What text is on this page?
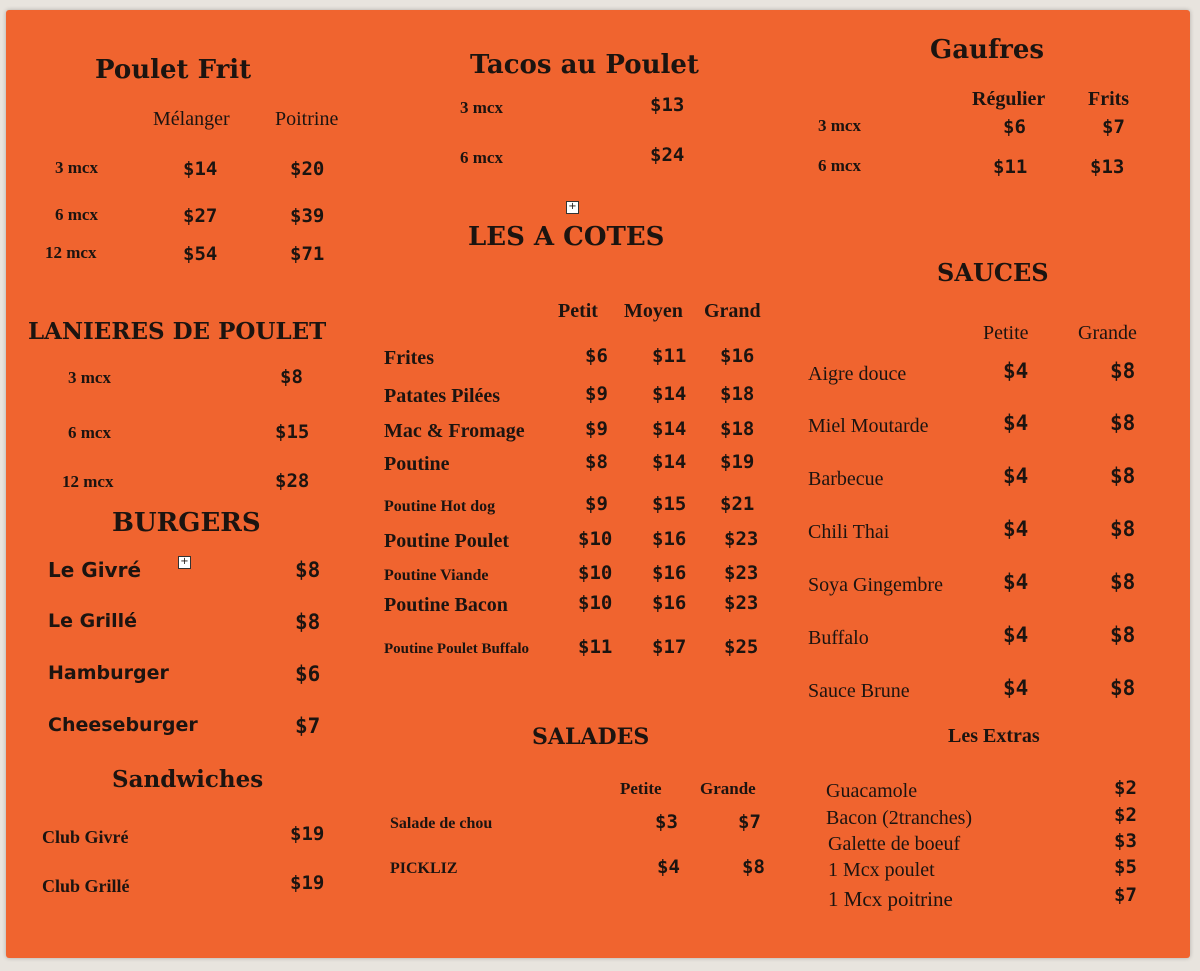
Poulet Frit
Mélanger Poitrine
3 mcx	$14	$20
6 mcx	$27	$39
12 mcx	$54	$71
Tacos au Poulet
3 mcx	$13
6 mcx	$24
Gaufres
Régulier Frits
3 mcx	$6	$7
6 mcx	$11	$13
+
LES A COTES
Petit Moyen Grand
Frites	$6 $11 $16
Patates Pilées	$9 $14 $18
Mac & Fromage	$9 $14 $18
Poutine	$8 $14 $19
Poutine Hot dog	$9 $15 $21
Poutine Poulet	$10 $16 $23
Poutine Viande	$10 $16 $23
Poutine Bacon	$10 $16 $23
Poutine Poulet Buffalo	$11 $17 $25
SAUCES
Petite Grande
Aigre douce	$4	$8
Miel Moutarde	$4	$8
Barbecue	$4	$8
Chili Thai	$4	$8
Soya Gingembre	$4	$8
Buffalo	$4	$8
Sauce Brune	$4	$8
LANIERES DE POULET
3 mcx	$8
6 mcx	$15
12 mcx	$28
BURGERS
+
Le Givré	$8
Le Grillé	$8
Hamburger	$6
Cheeseburger	$7
Sandwiches
Club Givré	$19
Club Grillé	$19
SALADES
Petite Grande
Salade de chou	$3	$7
PICKLIZ	$4	$8
Les Extras
Guacamole	$2
Bacon (2tranches)	$2
Galette de boeuf	$3
1 Mcx poulet	$5
1 Mcx poitrine	$7
